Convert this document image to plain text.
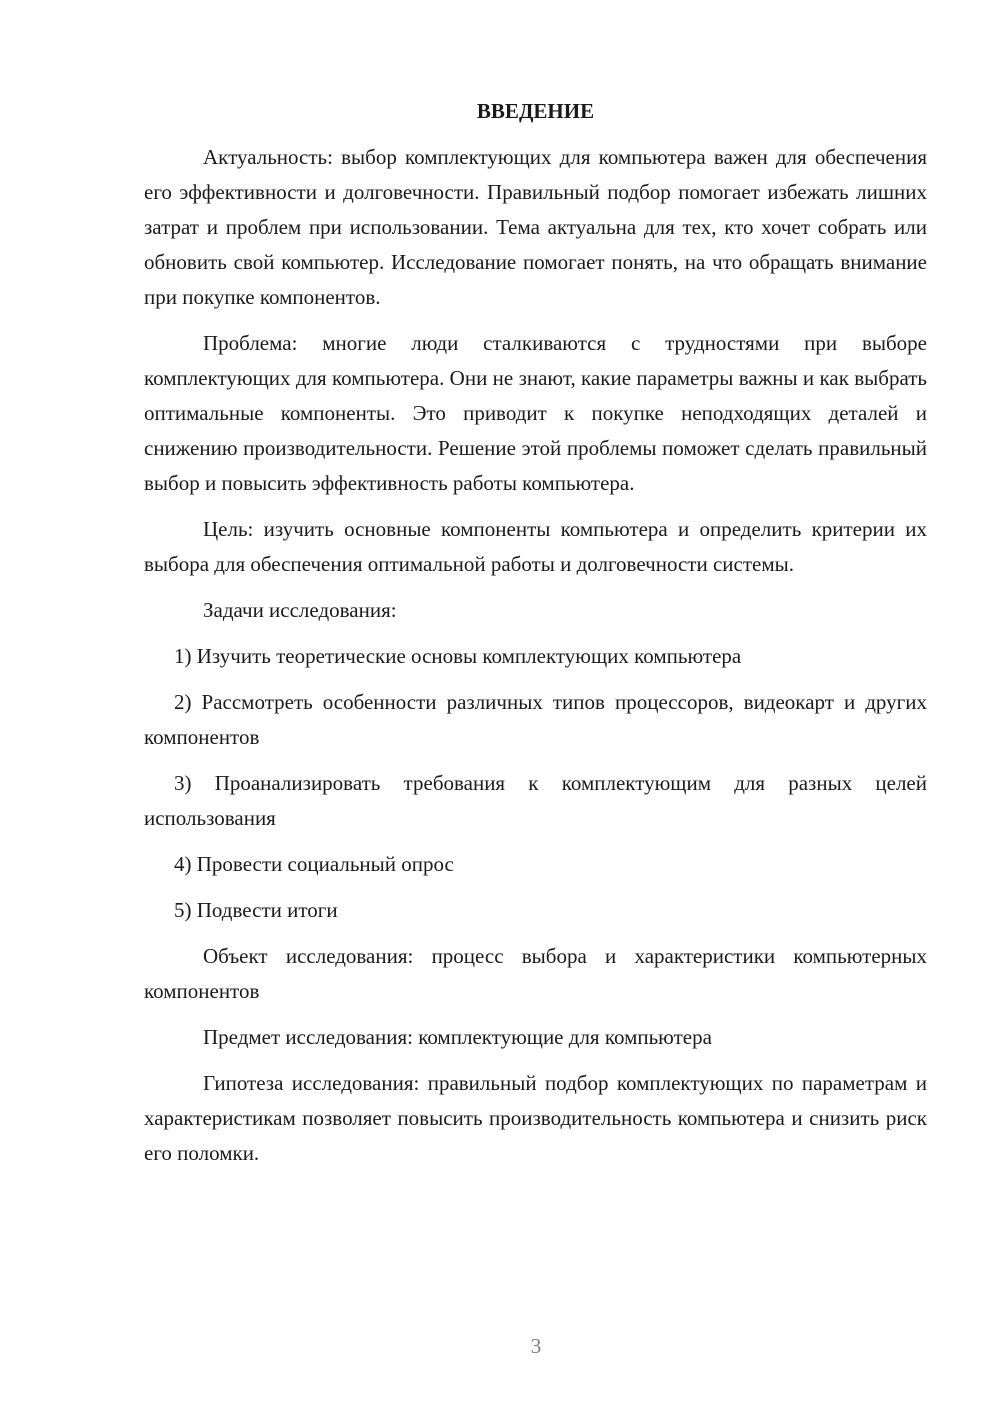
ВВЕДЕНИЕ

Актуальность: выбор комплектующих для компьютера важен для обеспечения его эффективности и долговечности. Правильный подбор помогает избежать лишних затрат и проблем при использовании. Тема актуальна для тех, кто хочет собрать или обновить свой компьютер. Исследование помогает понять, на что обращать внимание при покупке компонентов.

Проблема: многие люди сталкиваются с трудностями при выборе комплектующих для компьютера. Они не знают, какие параметры важны и как выбрать оптимальные компоненты. Это приводит к покупке неподходящих деталей и снижению производительности. Решение этой проблемы поможет сделать правильный выбор и повысить эффективность работы компьютера.

Цель: изучить основные компоненты компьютера и определить критерии их выбора для обеспечения оптимальной работы и долговечности системы.

Задачи исследования:

1) Изучить теоретические основы комплектующих компьютера

2) Рассмотреть особенности различных типов процессоров, видеокарт и других компонентов

3) Проанализировать требования к комплектующим для разных целей использования

4) Провести социальный опрос

5) Подвести итоги

Объект исследования: процесс выбора и характеристики компьютерных компонентов

Предмет исследования: комплектующие для компьютера

Гипотеза исследования: правильный подбор комплектующих по параметрам и характеристикам позволяет повысить производительность компьютера и снизить риск его поломки.

3
